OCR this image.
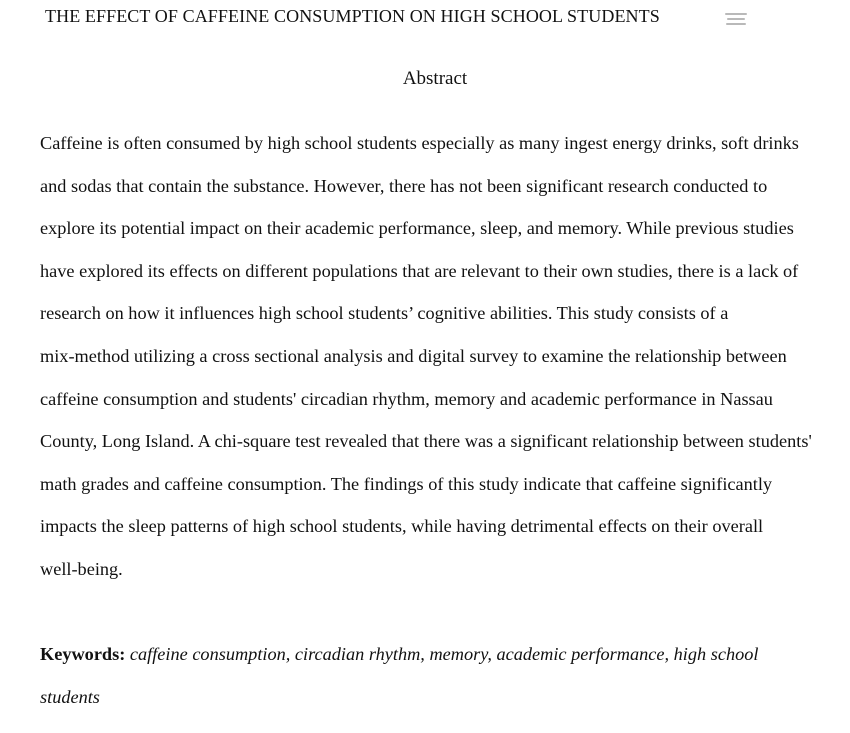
THE EFFECT OF CAFFEINE CONSUMPTION ON HIGH SCHOOL STUDENTS
Abstract
Caffeine is often consumed by high school students especially as many ingest energy drinks, soft drinks
and sodas that contain the substance. However, there has not been significant research conducted to
explore its potential impact on their academic performance, sleep, and memory. While previous studies
have explored its effects on different populations that are relevant to their own studies, there is a lack of
research on how it influences high school students’ cognitive abilities. This study consists of a
mix-method utilizing a cross sectional analysis and digital survey to examine the relationship between
caffeine consumption and students' circadian rhythm, memory and academic performance in Nassau
County, Long Island. A chi-square test revealed that there was a significant relationship between students'
math grades and caffeine consumption. The findings of this study indicate that caffeine significantly
impacts the sleep patterns of high school students, while having detrimental effects on their overall
well-being.
Keywords: caffeine consumption, circadian rhythm, memory, academic performance, high school
students
